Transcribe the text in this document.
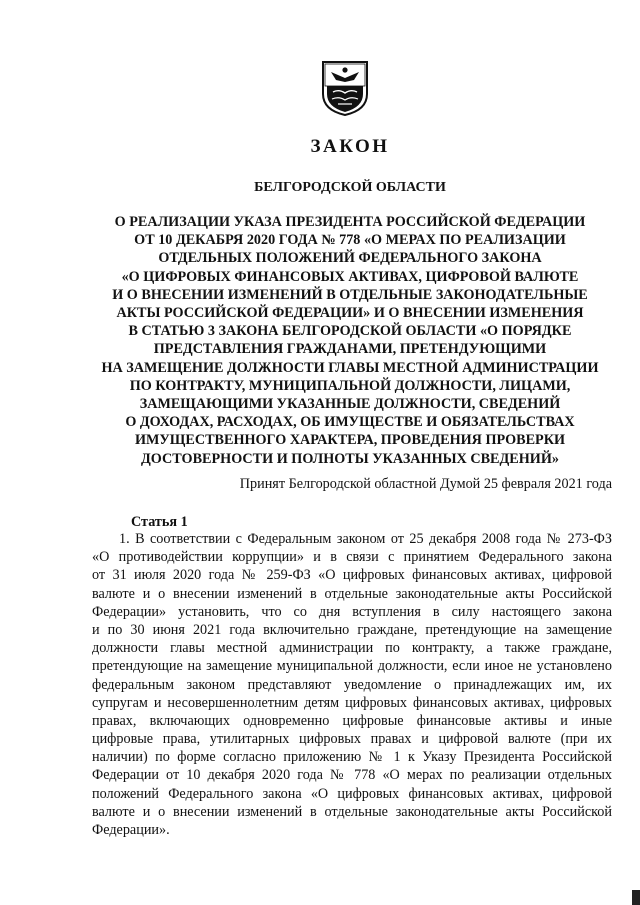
ЗАКОН
БЕЛГОРОДСКОЙ ОБЛАСТИ
О РЕАЛИЗАЦИИ УКАЗА ПРЕЗИДЕНТА РОССИЙСКОЙ ФЕДЕРАЦИИ
ОТ 10 ДЕКАБРЯ 2020 ГОДА № 778 «О МЕРАХ ПО РЕАЛИЗАЦИИ
ОТДЕЛЬНЫХ ПОЛОЖЕНИЙ ФЕДЕРАЛЬНОГО ЗАКОНА
«О ЦИФРОВЫХ ФИНАНСОВЫХ АКТИВАХ, ЦИФРОВОЙ ВАЛЮТЕ
И О ВНЕСЕНИИ ИЗМЕНЕНИЙ В ОТДЕЛЬНЫЕ ЗАКОНОДАТЕЛЬНЫЕ
АКТЫ РОССИЙСКОЙ ФЕДЕРАЦИИ» И О ВНЕСЕНИИ ИЗМЕНЕНИЯ
В СТАТЬЮ 3 ЗАКОНА БЕЛГОРОДСКОЙ ОБЛАСТИ «О ПОРЯДКЕ
ПРЕДСТАВЛЕНИЯ ГРАЖДАНАМИ, ПРЕТЕНДУЮЩИМИ
НА ЗАМЕЩЕНИЕ ДОЛЖНОСТИ ГЛАВЫ МЕСТНОЙ АДМИНИСТРАЦИИ
ПО КОНТРАКТУ, МУНИЦИПАЛЬНОЙ ДОЛЖНОСТИ, ЛИЦАМИ,
ЗАМЕЩАЮЩИМИ УКАЗАННЫЕ ДОЛЖНОСТИ, СВЕДЕНИЙ
О ДОХОДАХ, РАСХОДАХ, ОБ ИМУЩЕСТВЕ И ОБЯЗАТЕЛЬСТВАХ
ИМУЩЕСТВЕННОГО ХАРАКТЕРА, ПРОВЕДЕНИЯ ПРОВЕРКИ
ДОСТОВЕРНОСТИ И ПОЛНОТЫ УКАЗАННЫХ СВЕДЕНИЙ»
Принят Белгородской областной Думой 25 февраля 2021 года
Статья 1
1. В соответствии с Федеральным законом от 25 декабря 2008 года № 273-ФЗ
«О противодействии коррупции» и в связи с принятием Федерального закона
от 31 июля 2020 года № 259-ФЗ «О цифровых финансовых активах, цифровой
валюте и о внесении изменений в отдельные законодательные акты Российской
Федерации» установить, что со дня вступления в силу настоящего закона
и по 30 июня 2021 года включительно граждане, претендующие на замещение
должности главы местной администрации по контракту, а также граждане,
претендующие на замещение муниципальной должности, если иное не установлено
федеральным законом представляют уведомление о принадлежащих им, их
супругам и несовершеннолетним детям цифровых финансовых активах, цифровых
правах, включающих одновременно цифровые финансовые активы и иные
цифровые права, утилитарных цифровых правах и цифровой валюте (при их
наличии) по форме согласно приложению № 1 к Указу Президента Российской
Федерации от 10 декабря 2020 года № 778 «О мерах по реализации отдельных
положений Федерального закона «О цифровых финансовых активах, цифровой
валюте и о внесении изменений в отдельные законодательные акты Российской
Федерации».
